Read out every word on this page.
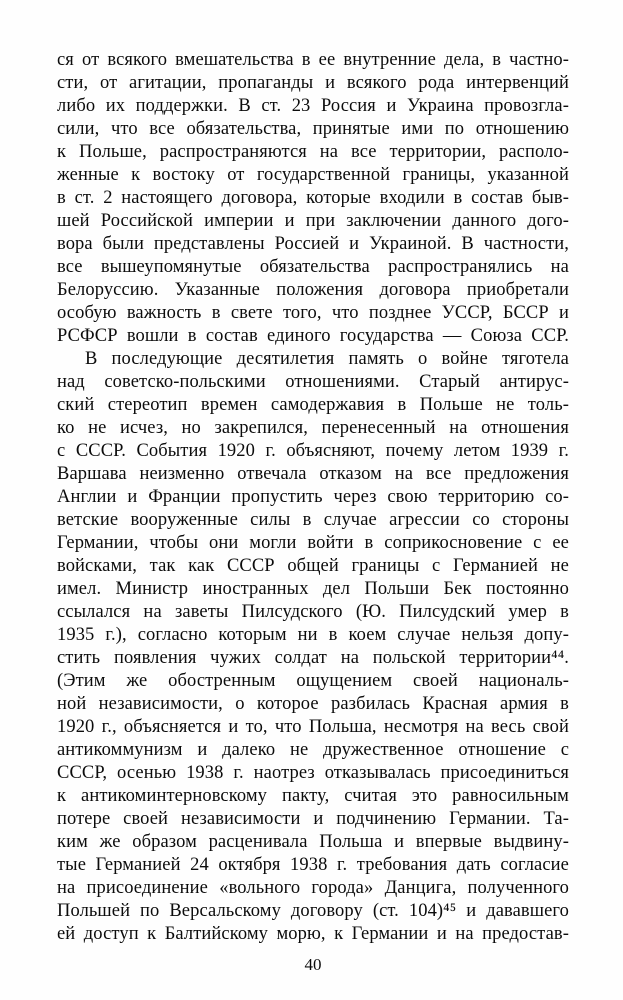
ся от всякого вмешательства в ее внутренние дела, в частно-
сти, от агитации, пропаганды и всякого рода интервенций
либо их поддержки. В ст. 23 Россия и Украина провозгла-
сили, что все обязательства, принятые ими по отношению
к Польше, распространяются на все территории, располо-
женные к востоку от государственной границы, указанной
в ст. 2 настоящего договора, которые входили в состав быв-
шей Российской империи и при заключении данного дого-
вора были представлены Россией и Украиной. В частности,
все вышеупомянутые обязательства распространялись на
Белоруссию. Указанные положения договора приобретали
особую важность в свете того, что позднее УССР, БССР и
РСФСР вошли в состав единого государства — Союза ССР.
В последующие десятилетия память о войне тяготела
над советско-польскими отношениями. Старый антирус-
ский стереотип времен самодержавия в Польше не толь-
ко не исчез, но закрепился, перенесенный на отношения
с СССР. События 1920 г. объясняют, почему летом 1939 г.
Варшава неизменно отвечала отказом на все предложения
Англии и Франции пропустить через свою территорию со-
ветские вооруженные силы в случае агрессии со стороны
Германии, чтобы они могли войти в соприкосновение с ее
войсками, так как СССР общей границы с Германией не
имел. Министр иностранных дел Польши Бек постоянно
ссылался на заветы Пилсудского (Ю. Пилсудский умер в
1935 г.), согласно которым ни в коем случае нельзя допу-
стить появления чужих солдат на польской территории⁴⁴.
(Этим же обостренным ощущением своей националь-
ной независимости, о которое разбилась Красная армия в
1920 г., объясняется и то, что Польша, несмотря на весь свой
антикоммунизм и далеко не дружественное отношение с
СССР, осенью 1938 г. наотрез отказывалась присоединиться
к антикоминтерновскому пакту, считая это равносильным
потере своей независимости и подчинению Германии. Та-
ким же образом расценивала Польша и впервые выдвину-
тые Германией 24 октября 1938 г. требования дать согласие
на присоединение «вольного города» Данцига, полученного
Польшей по Версальскому договору (ст. 104)⁴⁵ и дававшего
ей доступ к Балтийскому морю, к Германии и на предостав-
40
